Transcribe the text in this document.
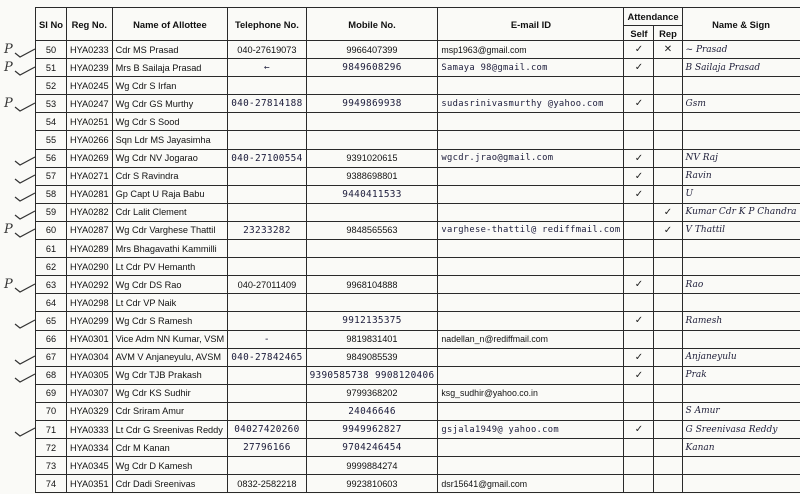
Sl No	Reg No.	Name of Allottee	Telephone No.	Mobile No.	E-mail ID	Attendance		Name & Sign
						Self	Rep	
50	HYA0233	Cdr MS Prasad	040-27619073	9966407399	msp1963@gmail.com	✓	✕	~ Prasad
51	HYA0239	Mrs B Sailaja Prasad	←	9849608296	Samaya 98@gmail.com	✓		B Sailaja Prasad
52	HYA0245	Wg Cdr S Irfan						
53	HYA0247	Wg Cdr GS Murthy	040-27814188	9949869938	sudasrinivasmurthy @yahoo.com	✓		Gsm
54	HYA0251	Wg Cdr S Sood						
55	HYA0266	Sqn Ldr MS Jayasimha						
56	HYA0269	Wg Cdr NV Jogarao	040-27100554	9391020615	wgcdr.jrao@gmail.com	✓		NV Raj
57	HYA0271	Cdr S Ravindra		9388698801		✓		Ravin
58	HYA0281	Gp Capt U Raja Babu		9440411533		✓		U
59	HYA0282	Cdr Lalit Clement					✓	Kumar Cdr K P Chandra
60	HYA0287	Wg Cdr Varghese Thattil	23233282	9848565563	varghese-thattil@ rediffmail.com		✓	V Thattil
61	HYA0289	Mrs Bhagavathi Kammilli						
62	HYA0290	Lt Cdr PV Hemanth						
63	HYA0292	Wg Cdr DS Rao	040-27011409	9968104888		✓		Rao
64	HYA0298	Lt Cdr VP Naik						
65	HYA0299	Wg Cdr S Ramesh		9912135375		✓		Ramesh
66	HYA0301	Vice Adm NN Kumar, VSM	-	9819831401	nadellan_n@rediffmail.com			
67	HYA0304	AVM V Anjaneyulu, AVSM	040-27842465	9849085539		✓		Anjaneyulu
68	HYA0305	Wg Cdr TJB Prakash		9390585738 9908120406		✓		Prak
69	HYA0307	Wg Cdr KS Sudhir		9799368202	ksg_sudhir@yahoo.co.in			
70	HYA0329	Cdr Sriram Amur		24046646				S Amur
71	HYA0333	Lt Cdr G Sreenivas Reddy	04027420260	9949962827	gsjala1949@ yahoo.com	✓		G Sreenivasa Reddy
72	HYA0334	Cdr M Kanan	27796166	9704246454				Kanan
73	HYA0345	Wg Cdr D Kamesh		9999884274				
74	HYA0351	Cdr Dadi Sreenivas	0832-2582218	9923810603	dsr15641@gmail.com			
P
P
P
P
P
